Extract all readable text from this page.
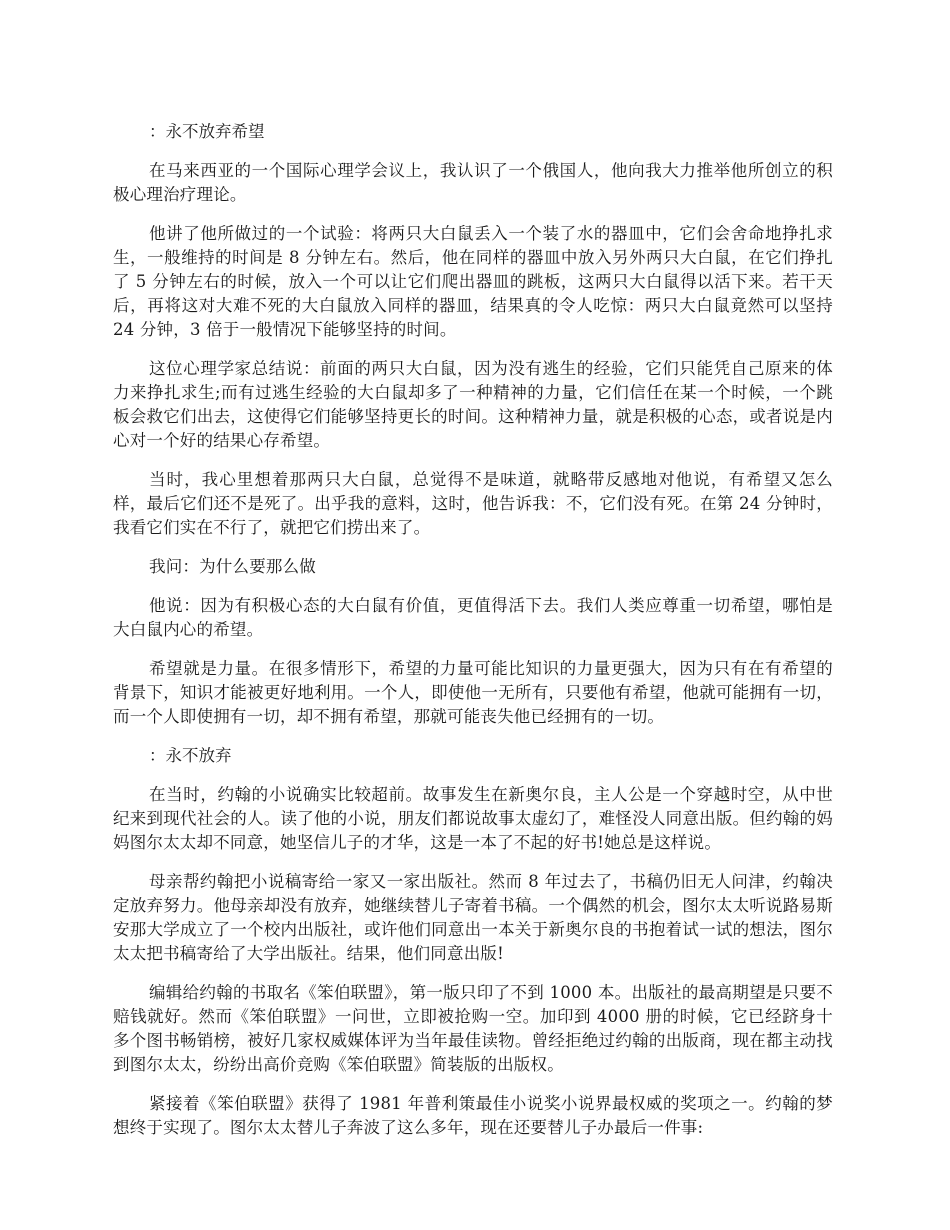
：永不放弃希望

在马来西亚的一个国际心理学会议上，我认识了一个俄国人，他向我大力推举他所创立的积极心理治疗理论。

他讲了他所做过的一个试验：将两只大白鼠丢入一个装了水的器皿中，它们会舍命地挣扎求生，一般维持的时间是 8 分钟左右。然后，他在同样的器皿中放入另外两只大白鼠，在它们挣扎了 5 分钟左右的时候，放入一个可以让它们爬出器皿的跳板，这两只大白鼠得以活下来。若干天后，再将这对大难不死的大白鼠放入同样的器皿，结果真的令人吃惊：两只大白鼠竟然可以坚持 24 分钟，3 倍于一般情况下能够坚持的时间。

这位心理学家总结说：前面的两只大白鼠，因为没有逃生的经验，它们只能凭自己原来的体力来挣扎求生;而有过逃生经验的大白鼠却多了一种精神的力量，它们信任在某一个时候，一个跳板会救它们出去，这使得它们能够坚持更长的时间。这种精神力量，就是积极的心态，或者说是内心对一个好的结果心存希望。

当时，我心里想着那两只大白鼠，总觉得不是味道，就略带反感地对他说，有希望又怎么样，最后它们还不是死了。出乎我的意料，这时，他告诉我：不，它们没有死。在第 24 分钟时，我看它们实在不行了，就把它们捞出来了。

我问：为什么要那么做

他说：因为有积极心态的大白鼠有价值，更值得活下去。我们人类应尊重一切希望，哪怕是大白鼠内心的希望。

希望就是力量。在很多情形下，希望的力量可能比知识的力量更强大，因为只有在有希望的背景下，知识才能被更好地利用。一个人，即使他一无所有，只要他有希望，他就可能拥有一切，而一个人即使拥有一切，却不拥有希望，那就可能丧失他已经拥有的一切。

：永不放弃

在当时，约翰的小说确实比较超前。故事发生在新奥尔良，主人公是一个穿越时空，从中世纪来到现代社会的人。读了他的小说，朋友们都说故事太虚幻了，难怪没人同意出版。但约翰的妈妈图尔太太却不同意，她坚信儿子的才华，这是一本了不起的好书!她总是这样说。

母亲帮约翰把小说稿寄给一家又一家出版社。然而 8 年过去了，书稿仍旧无人问津，约翰决定放弃努力。他母亲却没有放弃，她继续替儿子寄着书稿。一个偶然的机会，图尔太太听说路易斯安那大学成立了一个校内出版社，或许他们同意出一本关于新奥尔良的书抱着试一试的想法，图尔太太把书稿寄给了大学出版社。结果，他们同意出版!

编辑给约翰的书取名《笨伯联盟》，第一版只印了不到 1000 本。出版社的最高期望是只要不赔钱就好。然而《笨伯联盟》一问世，立即被抢购一空。加印到 4000 册的时候，它已经跻身十多个图书畅销榜，被好几家权威媒体评为当年最佳读物。曾经拒绝过约翰的出版商，现在都主动找到图尔太太，纷纷出高价竞购《笨伯联盟》简装版的出版权。

紧接着《笨伯联盟》获得了 1981 年普利策最佳小说奖小说界最权威的奖项之一。约翰的梦想终于实现了。图尔太太替儿子奔波了这么多年，现在还要替儿子办最后一件事:
